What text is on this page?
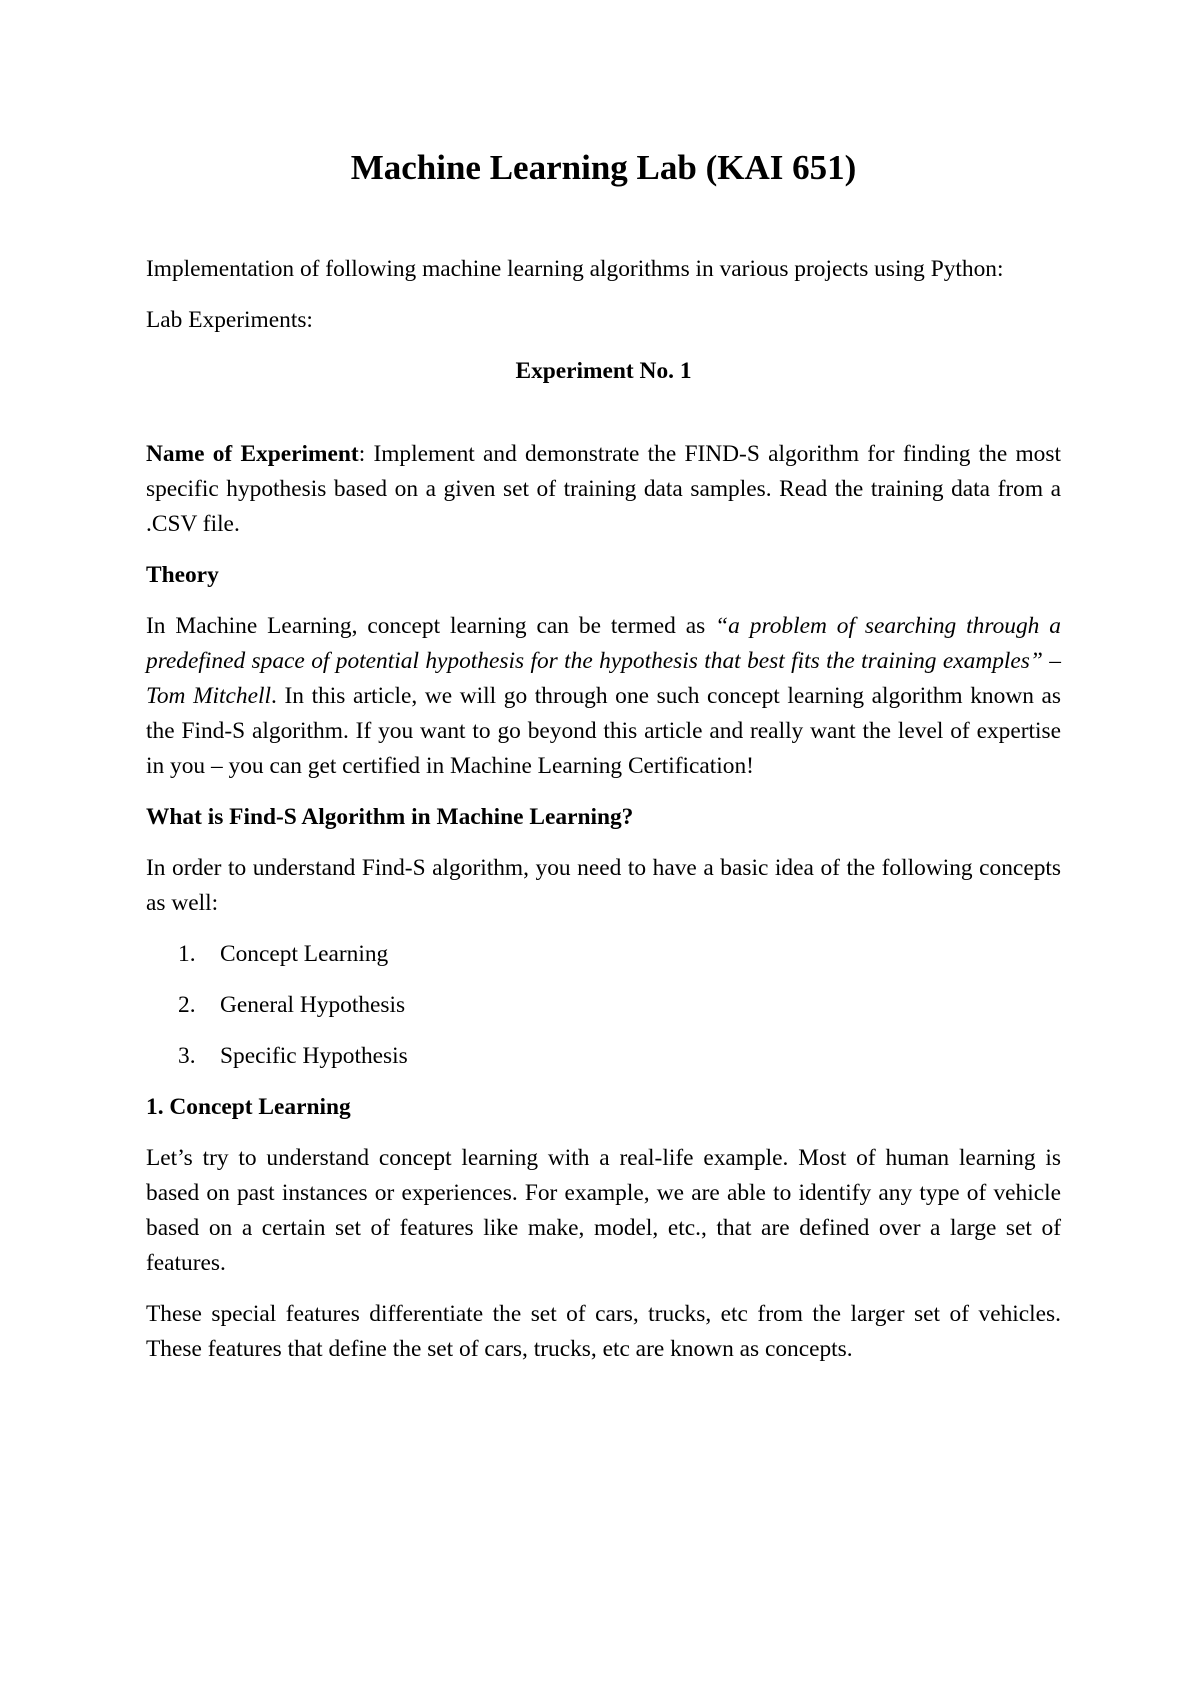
Machine Learning Lab (KAI 651)

Implementation of following machine learning algorithms in various projects using Python:

Lab Experiments:

Experiment No. 1

Name of Experiment: Implement and demonstrate the FIND-S algorithm for finding the most specific hypothesis based on a given set of training data samples. Read the training data from a .CSV file.

Theory

In Machine Learning, concept learning can be termed as “a problem of searching through a predefined space of potential hypothesis for the hypothesis that best fits the training examples” – Tom Mitchell. In this article, we will go through one such concept learning algorithm known as the Find-S algorithm. If you want to go beyond this article and really want the level of expertise in you – you can get certified in Machine Learning Certification!

What is Find-S Algorithm in Machine Learning?

In order to understand Find-S algorithm, you need to have a basic idea of the following concepts as well:

1.	Concept Learning
2.	General Hypothesis
3.	Specific Hypothesis

1. Concept Learning

Let’s try to understand concept learning with a real-life example. Most of human learning is based on past instances or experiences. For example, we are able to identify any type of vehicle based on a certain set of features like make, model, etc., that are defined over a large set of features.

These special features differentiate the set of cars, trucks, etc from the larger set of vehicles. These features that define the set of cars, trucks, etc are known as concepts.
